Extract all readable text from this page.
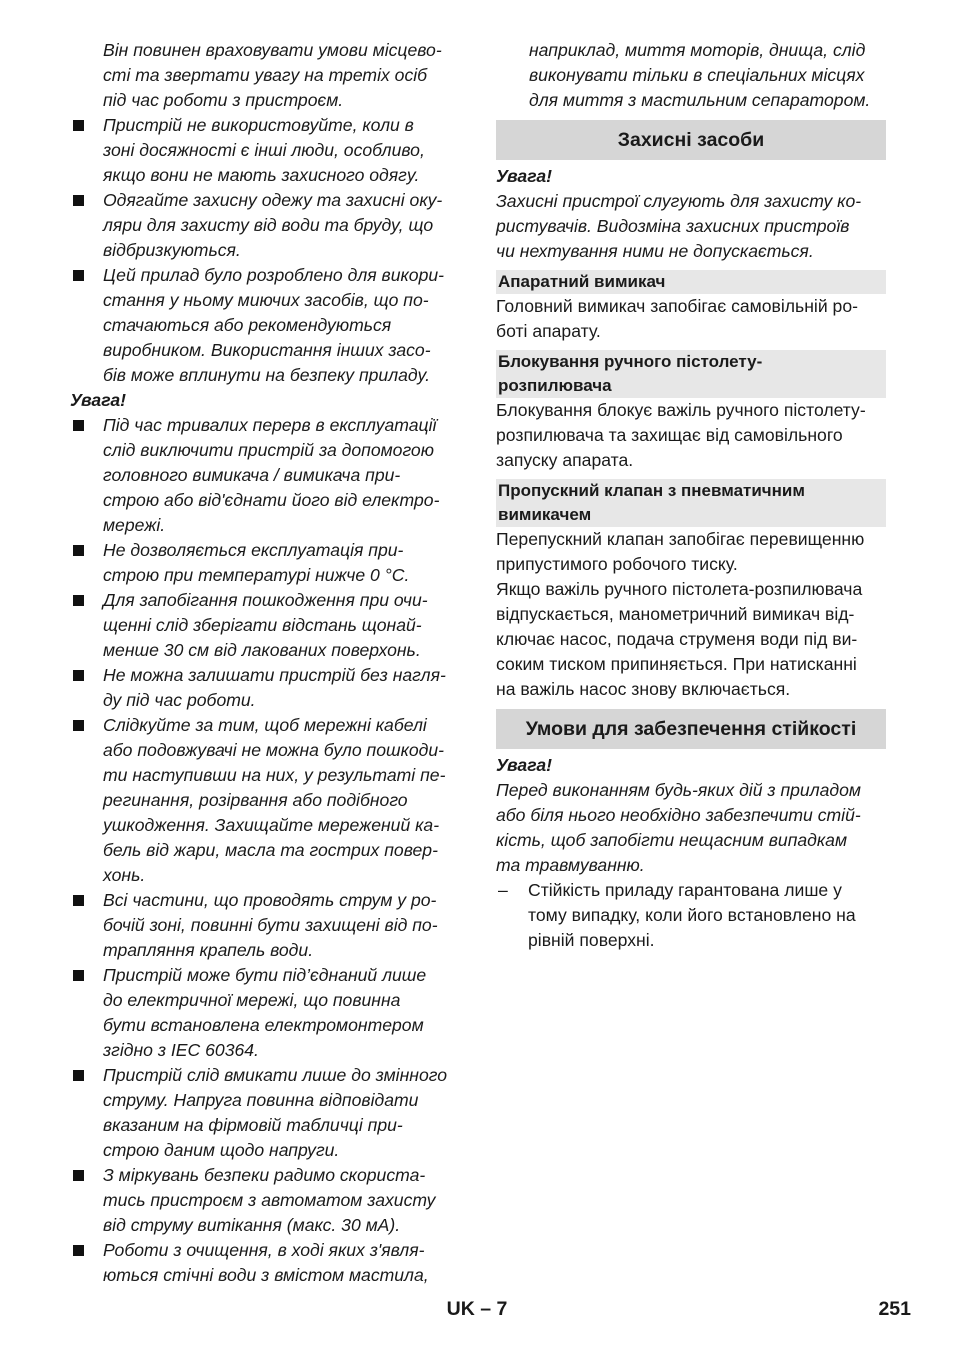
Він повинен враховувати умови місцево-
сті та звертати увагу на третіх осіб
під час роботи з пристроєм.
Пристрій не використовуйте, коли в
зоні досяжності є інші люди, особливо,
якщо вони не мають захисного одягу.
Одягайте захисну одежу та захисні оку-
ляри для захисту від води та бруду, що
відбризкуються.
Цей прилад було розроблено для викори-
стання у ньому миючих засобів, що по-
стачаються або рекомендуються
виробником. Використання інших засо-
бів може вплинути на безпеку приладу.
Увага!
Під час тривалих перерв в експлуатації
слід виключити пристрій за допомогою
головного вимикача / вимикача при-
строю або від'єднати його від електро-
мережі.
Не дозволяється експлуатація при-
строю при температурі нижче 0 °C.
Для запобігання пошкодження при очи-
щенні слід зберігати відстань щонай-
менше 30 см від лакованих поверхонь.
Не можна залишати пристрій без нагля-
ду під час роботи.
Слідкуйте за тим, щоб мережні кабелі
або подовжувачі не можна було пошкоди-
ти наступивши на них, у результаті пе-
регинання, розірвання або подібного
ушкодження. Захищайте мережений ка-
бель від жари, масла та гострих повер-
хонь.
Всі частини, що проводять струм у ро-
бочій зоні, повинні бути захищені від по-
трапляння крапель води.
Пристрій може бути під’єднаний лише
до електричної мережі, що повинна
бути встановлена електромонтером
згідно з IEC 60364.
Пристрій слід вмикати лише до змінного
струму. Напруга повинна відповідати
вказаним на фірмовій табличці при-
строю даним щодо напруги.
З міркувань безпеки радимо скориста-
тись пристроєм з автоматом захисту
від струму витікання (макс. 30 мА).
Роботи з очищення, в ході яких з'явля-
ються стічні води з вмістом мастила,
наприклад, миття моторів, днища, слід
виконувати тільки в спеціальних місцях
для миття з мастильним сепаратором.
Захисні засоби
Увага!
Захисні пристрої слугують для захисту ко-
ристувачів. Видозміна захисних пристроїв
чи нехтування ними не допускається.
Апаратний вимикач
Головний вимикач запобігає самовільній ро-
боті апарату.
Блокування ручного пістолету-
розпилювача
Блокування блокує важіль ручного пістолету-
розпилювача та захищає від самовільного
запуску апарата.
Пропускний клапан з пневматичним
вимикачем
Перепускний клапан запобігає перевищенню
припустимого робочого тиску.
Якщо важіль ручного пістолета-розпилювача
відпускається, манометричний вимикач від-
ключає насос, подача струменя води під ви-
соким тиском припиняється. При натисканні
на важіль насос знову включається.
Умови для забезпечення стійкості
Увага!
Перед виконанням будь-яких дій з приладом
або біля нього необхідно забезпечити стій-
кість, щоб запобігти нещасним випадкам
та травмуванню.
– Стійкість приладу гарантована лише у
тому випадку, коли його встановлено на
рівній поверхні.
UK – 7	251
